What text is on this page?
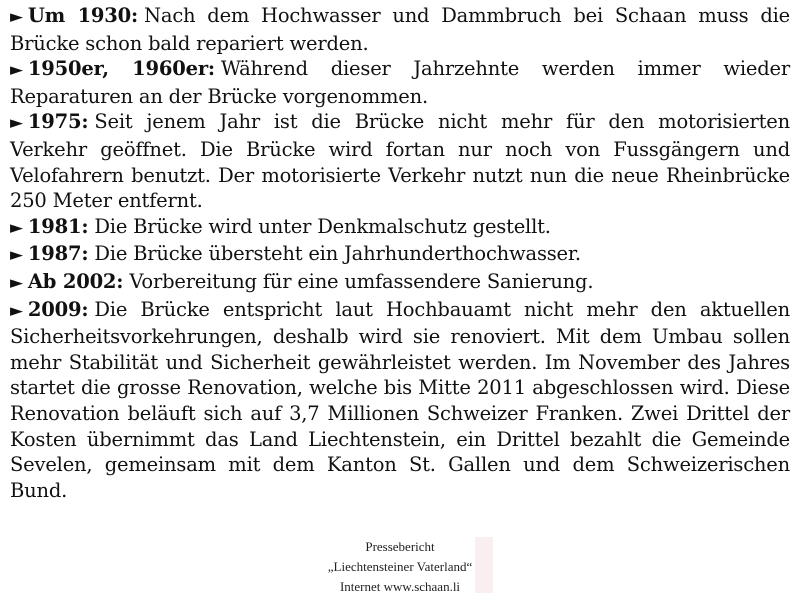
► Um 1930: Nach dem Hochwasser und Dammbruch bei Schaan muss die Brücke schon bald repariert werden.

► 1950er, 1960er: Während dieser Jahrzehnte werden immer wieder Reparaturen an der Brücke vorgenommen.

► 1975: Seit jenem Jahr ist die Brücke nicht mehr für den motorisierten Verkehr geöffnet. Die Brücke wird fortan nur noch von Fussgängern und Velofahrern benutzt. Der motorisierte Verkehr nutzt nun die neue Rheinbrücke 250 Meter entfernt.

► 1981: Die Brücke wird unter Denkmalschutz gestellt.

► 1987: Die Brücke übersteht ein Jahrhunderthochwasser.

► Ab 2002: Vorbereitung für eine umfassendere Sanierung.

► 2009: Die Brücke entspricht laut Hochbauamt nicht mehr den aktuellen Sicherheitsvorkehrungen, deshalb wird sie renoviert. Mit dem Umbau sollen mehr Stabilität und Sicherheit gewährleistet werden. Im November des Jahres startet die grosse Renovation, welche bis Mitte 2011 abgeschlossen wird. Diese Renovation beläuft sich auf 3,7 Millionen Schweizer Franken. Zwei Drittel der Kosten übernimmt das Land Liechtenstein, ein Drittel bezahlt die Gemeinde Sevelen, gemeinsam mit dem Kanton St. Gallen und dem Schweizerischen Bund.

Pressebericht
„Liechtensteiner Vaterland“
Internet www.schaan.li
